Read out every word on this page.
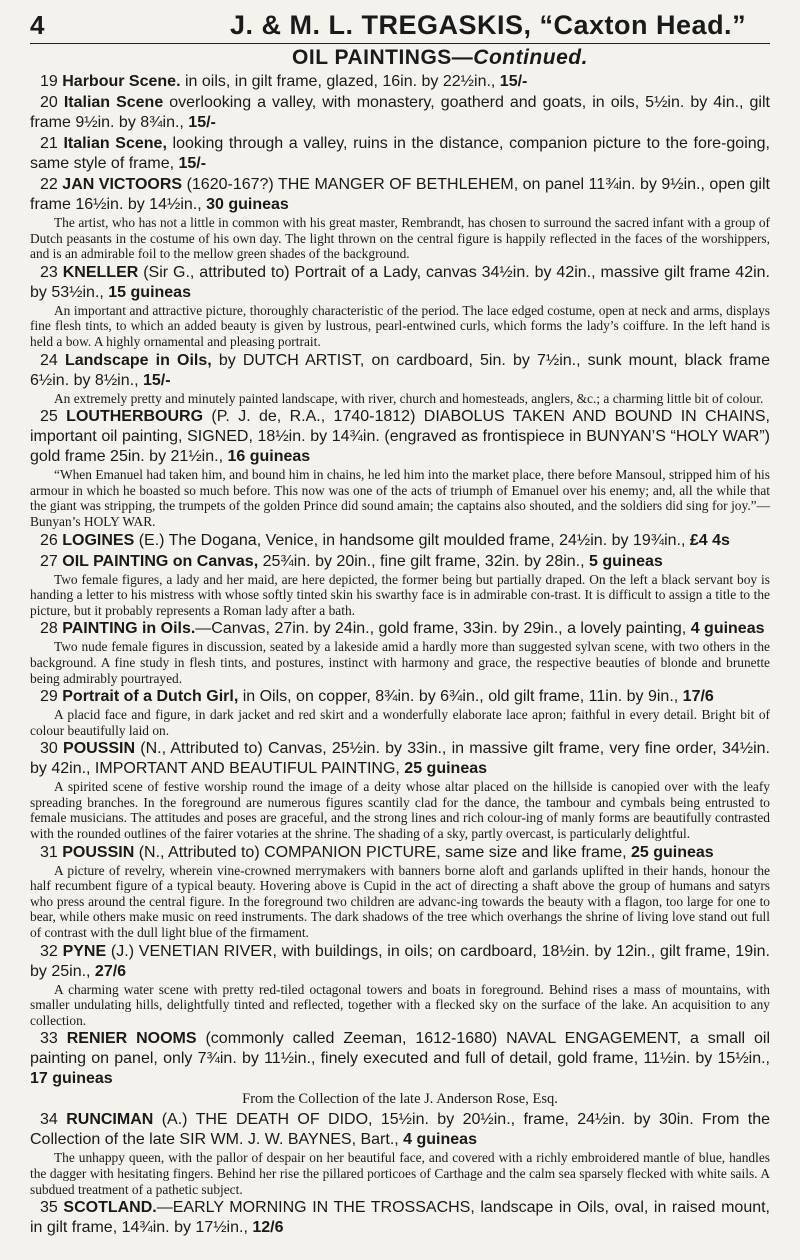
4	J. & M. L. TREGASKIS, “Caxton Head.”
OIL PAINTINGS—Continued.
19 Harbour Scene. in oils, in gilt frame, glazed, 16in. by 22½in., 15/-
20 Italian Scene overlooking a valley, with monastery, goatherd and goats, in oils, 5½in. by 4in., gilt frame 9½in. by 8¾in., 15/-
21 Italian Scene, looking through a valley, ruins in the distance, companion picture to the fore-going, same style of frame, 15/-
22 JAN VICTOORS (1620-167?) THE MANGER OF BETHLEHEM, on panel 11¾in. by 9½in., open gilt frame 16½in. by 14½in., 30 guineas
The artist, who has not a little in common with his great master, Rembrandt, has chosen to surround the sacred infant with a group of Dutch peasants in the costume of his own day. The light thrown on the central figure is happily reflected in the faces of the worshippers, and is an admirable foil to the mellow green shades of the background.
23 KNELLER (Sir G., attributed to) Portrait of a Lady, canvas 34½in. by 42in., massive gilt frame 42in. by 53½in., 15 guineas
An important and attractive picture, thoroughly characteristic of the period. The lace edged costume, open at neck and arms, displays fine flesh tints, to which an added beauty is given by lustrous, pearl-entwined curls, which forms the lady’s coiffure. In the left hand is held a bow. A highly ornamental and pleasing portrait.
24 Landscape in Oils, by DUTCH ARTIST, on cardboard, 5in. by 7½in., sunk mount, black frame 6½in. by 8½in., 15/-
An extremely pretty and minutely painted landscape, with river, church and homesteads, anglers, &c.; a charming little bit of colour.
25 LOUTHERBOURG (P. J. de, R.A., 1740-1812) DIABOLUS TAKEN AND BOUND IN CHAINS, important oil painting, SIGNED, 18½in. by 14¾in. (engraved as frontispiece in BUNYAN’S “HOLY WAR”) gold frame 25in. by 21½in., 16 guineas
“When Emanuel had taken him, and bound him in chains, he led him into the market place, there before Mansoul, stripped him of his armour in which he boasted so much before. This now was one of the acts of triumph of Emanuel over his enemy; and, all the while that the giant was stripping, the trumpets of the golden Prince did sound amain; the captains also shouted, and the soldiers did sing for joy.”—Bunyan’s HOLY WAR.
26 LOGINES (E.) The Dogana, Venice, in handsome gilt moulded frame, 24½in. by 19¾in., £4 4s
27 OIL PAINTING on Canvas, 25¾in. by 20in., fine gilt frame, 32in. by 28in., 5 guineas
Two female figures, a lady and her maid, are here depicted, the former being but partially draped. On the left a black servant boy is handing a letter to his mistress with whose softly tinted skin his swarthy face is in admirable con-trast. It is difficult to assign a title to the picture, but it probably represents a Roman lady after a bath.
28 PAINTING in Oils.—Canvas, 27in. by 24in., gold frame, 33in. by 29in., a lovely painting, 4 guineas
Two nude female figures in discussion, seated by a lakeside amid a hardly more than suggested sylvan scene, with two others in the background. A fine study in flesh tints, and postures, instinct with harmony and grace, the respective beauties of blonde and brunette being admirably pourtrayed.
29 Portrait of a Dutch Girl, in Oils, on copper, 8¾in. by 6¾in., old gilt frame, 11in. by 9in., 17/6
A placid face and figure, in dark jacket and red skirt and a wonderfully elaborate lace apron; faithful in every detail. Bright bit of colour beautifully laid on.
30 POUSSIN (N., Attributed to) Canvas, 25½in. by 33in., in massive gilt frame, very fine order, 34½in. by 42in., IMPORTANT AND BEAUTIFUL PAINTING, 25 guineas
A spirited scene of festive worship round the image of a deity whose altar placed on the hillside is canopied over with the leafy spreading branches. In the foreground are numerous figures scantily clad for the dance, the tambour and cymbals being entrusted to female musicians. The attitudes and poses are graceful, and the strong lines and rich colour-ing of manly forms are beautifully contrasted with the rounded outlines of the fairer votaries at the shrine. The shading of a sky, partly overcast, is particularly delightful.
31 POUSSIN (N., Attributed to) COMPANION PICTURE, same size and like frame, 25 guineas
A picture of revelry, wherein vine-crowned merrymakers with banners borne aloft and garlands uplifted in their hands, honour the half recumbent figure of a typical beauty. Hovering above is Cupid in the act of directing a shaft above the group of humans and satyrs who press around the central figure. In the foreground two children are advanc-ing towards the beauty with a flagon, too large for one to bear, while others make music on reed instruments. The dark shadows of the tree which overhangs the shrine of living love stand out full of contrast with the dull light blue of the firmament.
32 PYNE (J.) VENETIAN RIVER, with buildings, in oils; on cardboard, 18½in. by 12in., gilt frame, 19in. by 25in., 27/6
A charming water scene with pretty red-tiled octagonal towers and boats in foreground. Behind rises a mass of mountains, with smaller undulating hills, delightfully tinted and reflected, together with a flecked sky on the surface of the lake. An acquisition to any collection.
33 RENIER NOOMS (commonly called Zeeman, 1612-1680) NAVAL ENGAGEMENT, a small oil painting on panel, only 7¾in. by 11½in., finely executed and full of detail, gold frame, 11½in. by 15½in., 17 guineas
From the Collection of the late J. Anderson Rose, Esq.
34 RUNCIMAN (A.) THE DEATH OF DIDO, 15½in. by 20½in., frame, 24½in. by 30in. From the Collection of the late SIR WM. J. W. BAYNES, Bart., 4 guineas
The unhappy queen, with the pallor of despair on her beautiful face, and covered with a richly embroidered mantle of blue, handles the dagger with hesitating fingers. Behind her rise the pillared porticoes of Carthage and the calm sea sparsely flecked with white sails. A subdued treatment of a pathetic subject.
35 SCOTLAND.—EARLY MORNING IN THE TROSSACHS, landscape in Oils, oval, in raised mount, in gilt frame, 14¾in. by 17½in., 12/6
